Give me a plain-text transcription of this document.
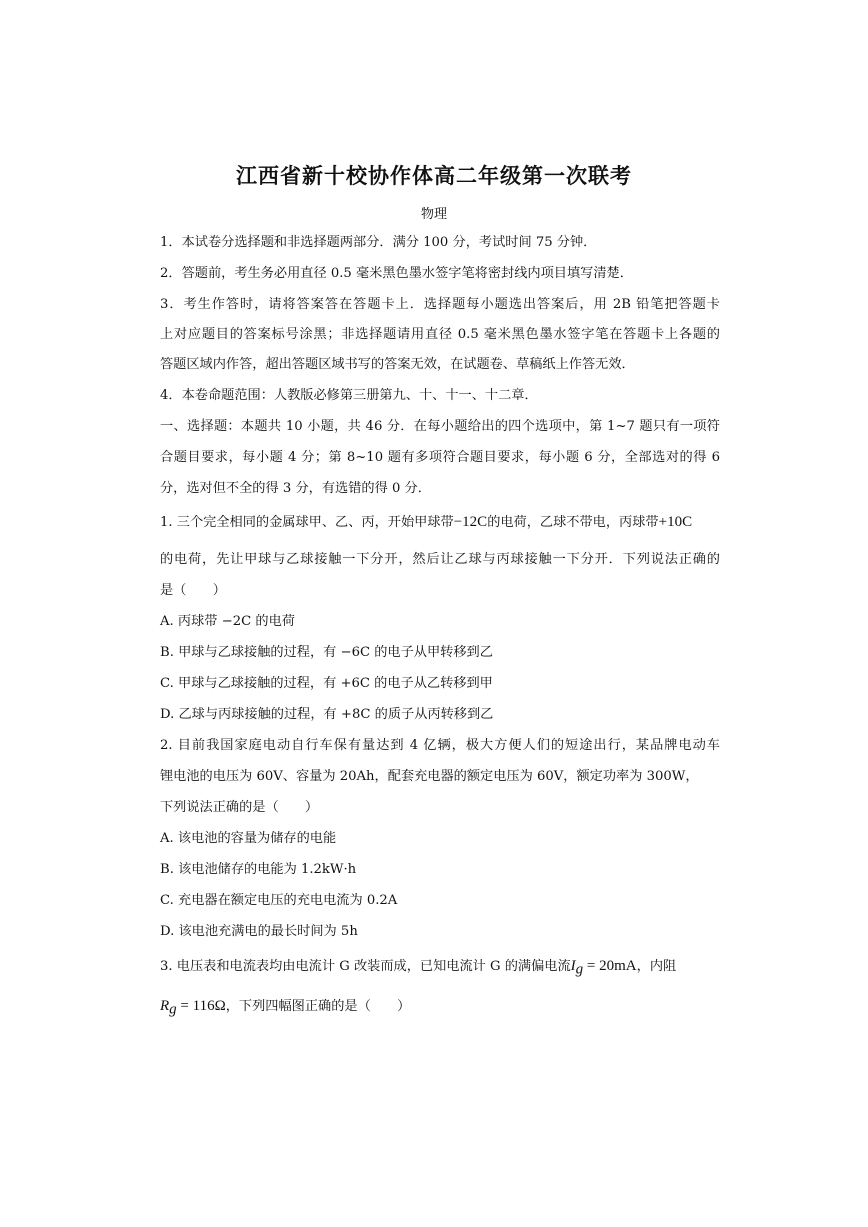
江西省新十校协作体高二年级第一次联考
物理
1．本试卷分选择题和非选择题两部分．满分 100 分，考试时间 75 分钟．
2．答题前，考生务必用直径 0.5 毫米黑色墨水签字笔将密封线内项目填写清楚．
3．考生作答时，请将答案答在答题卡上．选择题每小题选出答案后，用 2B 铅笔把答题卡
上对应题目的答案标号涂黑；非选择题请用直径 0.5 毫米黑色墨水签字笔在答题卡上各题的
答题区域内作答，超出答题区域书写的答案无效，在试题卷、草稿纸上作答无效．
4．本卷命题范围：人教版必修第三册第九、十、十一、十二章．
一、选择题：本题共 10 小题，共 46 分．在每小题给出的四个选项中，第 1~7 题只有一项符
合题目要求，每小题 4 分；第 8~10 题有多项符合题目要求，每小题 6 分，全部选对的得 6
分，选对但不全的得 3 分，有选错的得 0 分．
1. 三个完全相同的金属球甲、乙、丙，开始甲球带−12C的电荷，乙球不带电，丙球带+10C
的电荷，先让甲球与乙球接触一下分开，然后让乙球与丙球接触一下分开．下列说法正确的
是（　　）
A. 丙球带 −2C 的电荷
B. 甲球与乙球接触的过程，有 −6C 的电子从甲转移到乙
C. 甲球与乙球接触的过程，有 +6C 的电子从乙转移到甲
D. 乙球与丙球接触的过程，有 +8C 的质子从丙转移到乙
2. 目前我国家庭电动自行车保有量达到 4 亿辆，极大方便人们的短途出行，某品牌电动车
锂电池的电压为 60V、容量为 20Ah，配套充电器的额定电压为 60V，额定功率为 300W，
下列说法正确的是（　　）
A. 该电池的容量为储存的电能
B. 该电池储存的电能为 1.2kW·h
C. 充电器在额定电压的充电电流为 0.2A
D. 该电池充满电的最长时间为 5h
3. 电压表和电流表均由电流计 G 改装而成，已知电流计 G 的满偏电流$I_g = 20mA$，内阻
$R_g = 116\Omega$，下列四幅图正确的是（　　）
